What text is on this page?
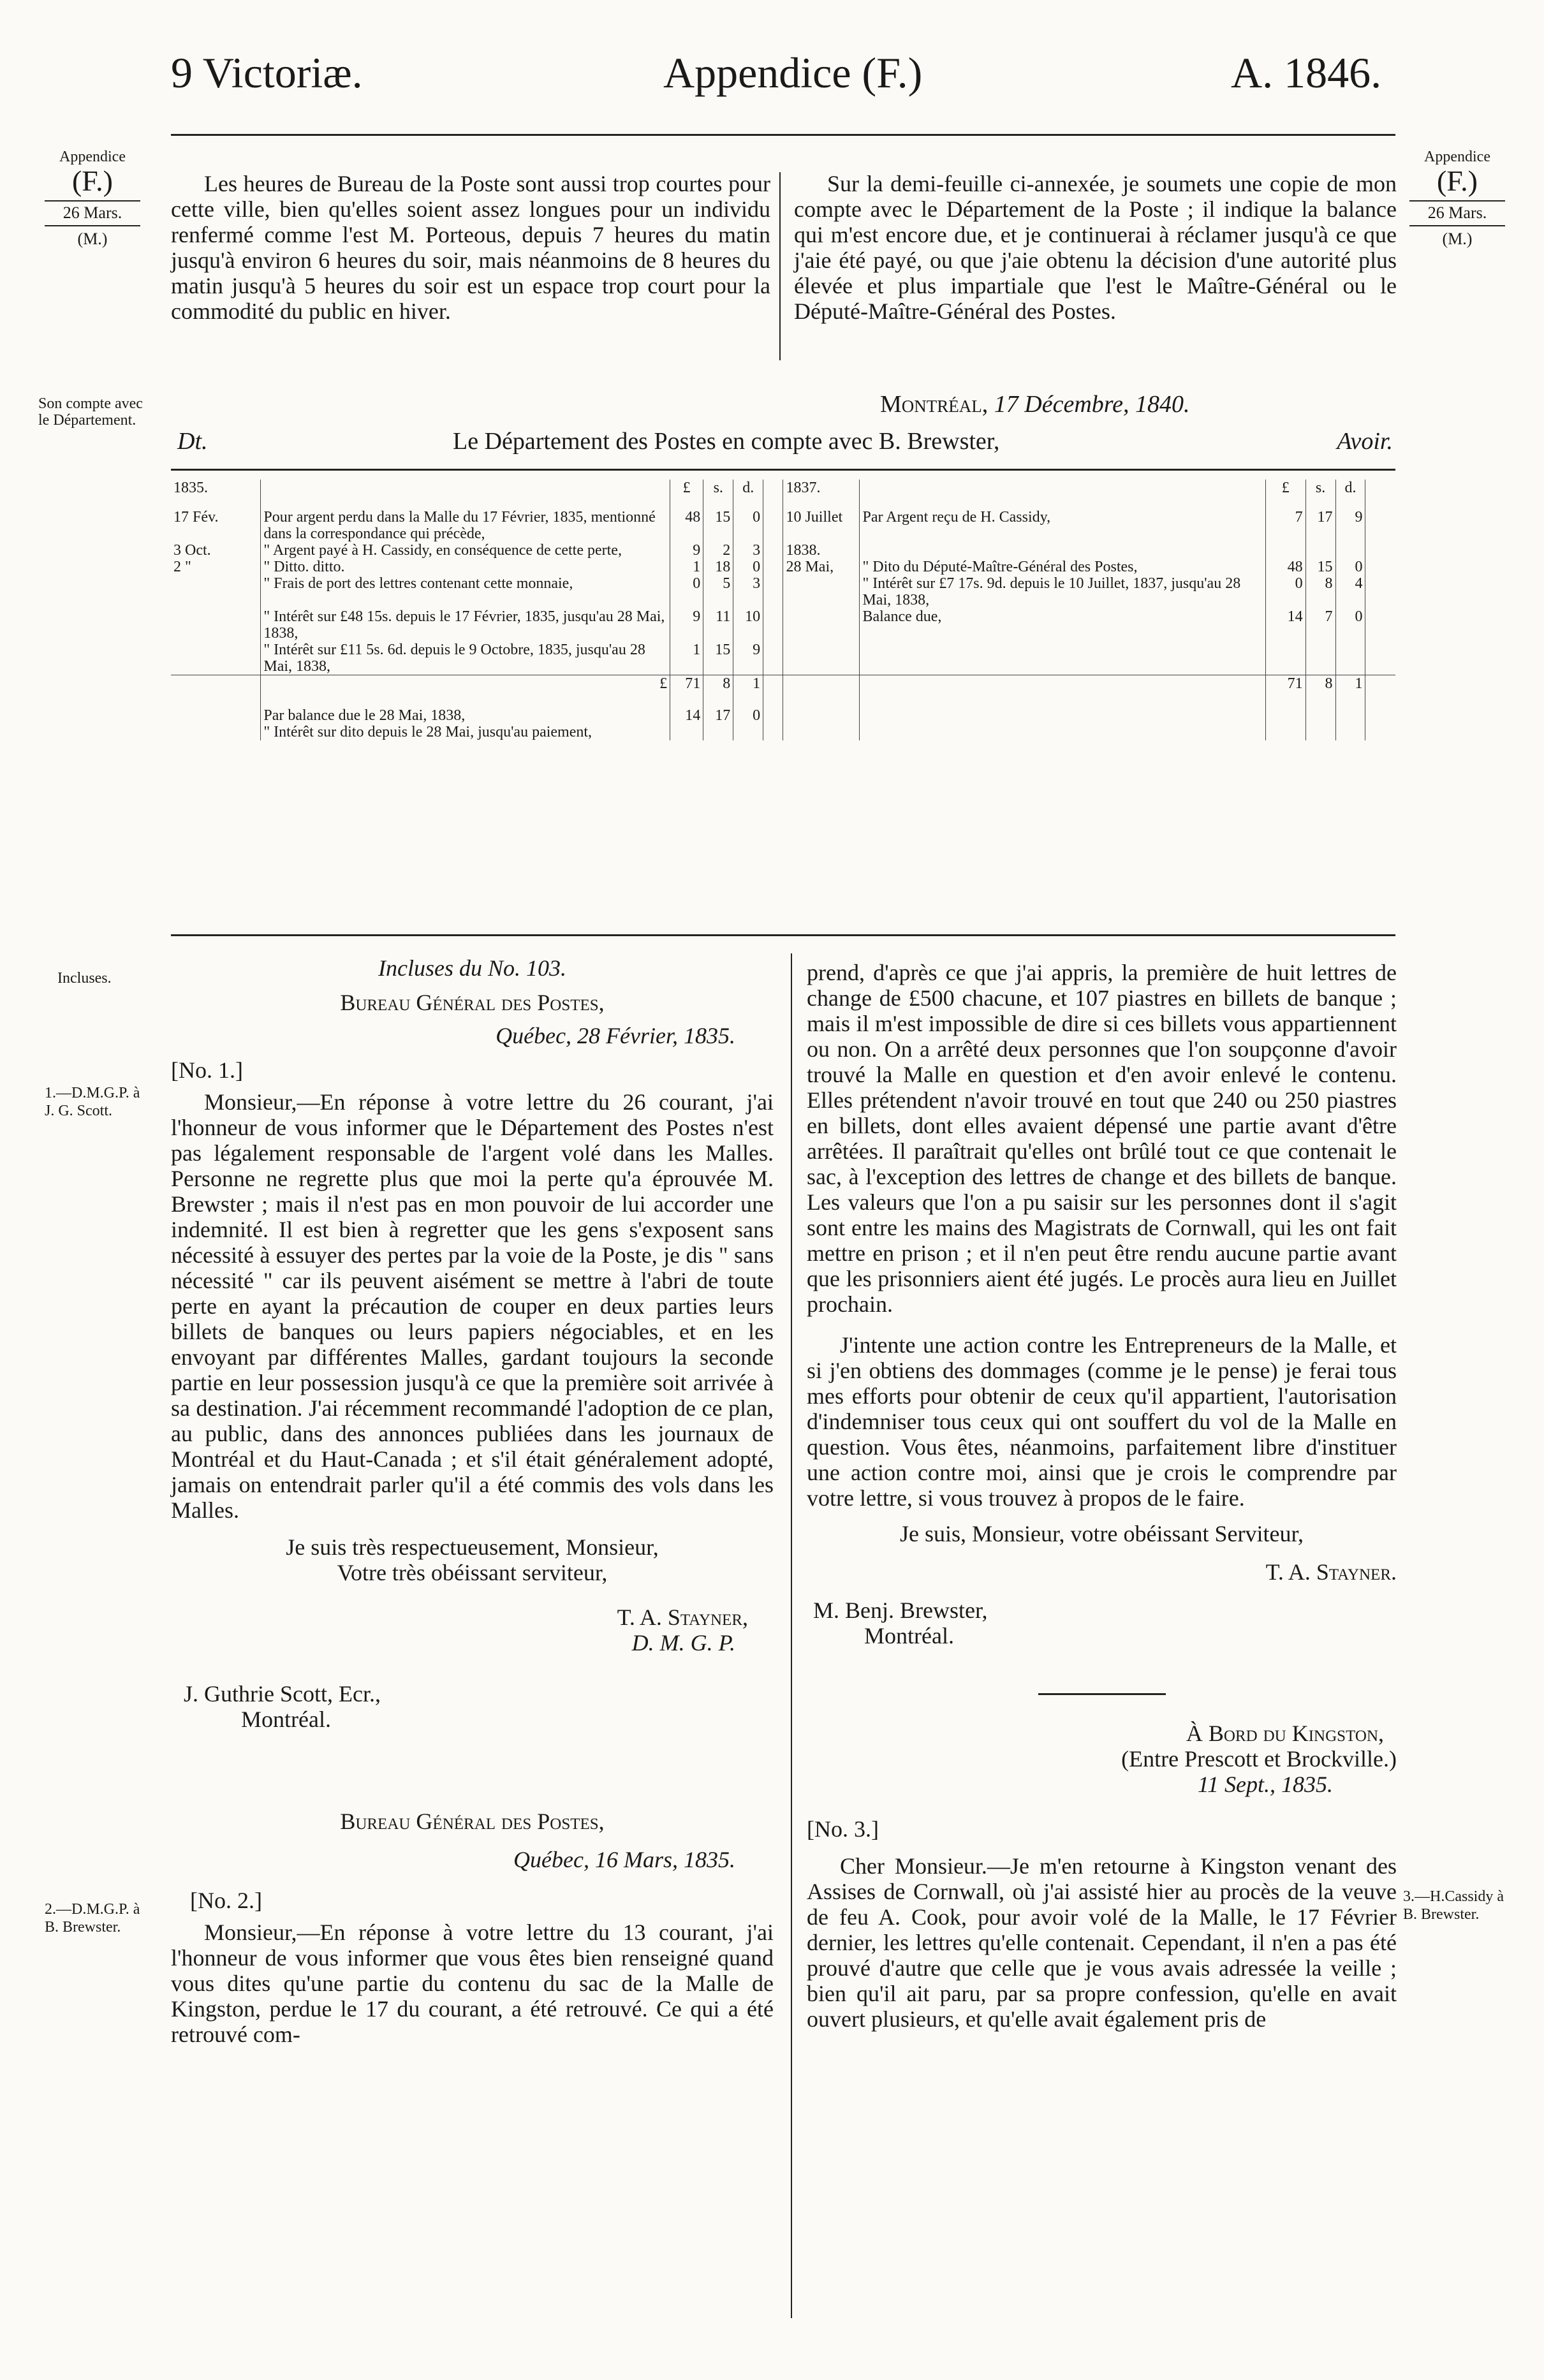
9 Victoriæ.	Appendice (F.)	A. 1846.
Appendice
(F.)
26 Mars.
(M.)
Appendice
(F.)
26 Mars.
(M.)

Les heures de Bureau de la Poste sont aussi trop courtes pour cette ville, bien qu'elles soient assez longues pour un individu renfermé comme l'est M. Porteous, depuis 7 heures du matin jusqu'à environ 6 heures du soir, mais néanmoins de 8 heures du matin jusqu'à 5 heures du soir est un espace trop court pour la commodité du public en hiver.

Sur la demi-feuille ci-annexée, je soumets une copie de mon compte avec le Département de la Poste ; il indique la balance qui m'est encore due, et je continuerai à réclamer jusqu'à ce que j'aie été payé, ou que j'aie obtenu la décision d'une autorité plus élevée et plus impartiale que l'est le Maître-Général ou le Député-Maître-Général des Postes.

Son compte avec le Département.
Montréal, 17 Décembre, 1840.
Dt.	Le Département des Postes en compte avec B. Brewster,	Avoir.
1835.		£	s.	d.		1837.		£	s.	d.	

17 Fév.	Pour argent perdu dans la Malle du 17 Février, 1835, mentionné dans la correspondance qui précède,	48	15	0		10 Juillet	Par Argent reçu de H. Cassidy,	7	17	9	
3 Oct.	" Argent payé à H. Cassidy, en conséquence de cette perte,	9	2	3		1838.					
2 "	" Ditto. ditto.	1	18	0		28 Mai,	" Dito du Député-Maître-Général des Postes,	48	15	0	
	" Frais de port des lettres contenant cette monnaie,	0	5	3			" Intérêt sur £7 17s. 9d. depuis le 10 Juillet, 1837, jusqu'au 28 Mai, 1838,	0	8	4	
	" Intérêt sur £48 15s. depuis le 17 Février, 1835, jusqu'au 28 Mai, 1838,	9	11	10			Balance due,	14	7	0	
	" Intérêt sur £11 5s. 6d. depuis le 9 Octobre, 1835, jusqu'au 28 Mai, 1838,	1	15	9							
	£	71	8	1				71	8	1	

	Par balance due le 28 Mai, 1838,	14	17	0							
	" Intérêt sur dito depuis le 28 Mai, jusqu'au paiement,										
Incluses.
1.—D.M.G.P. à J. G. Scott.
2.—D.M.G.P. à B. Brewster.
3.—H.Cassidy à B. Brewster.
Incluses du No. 103.
Bureau Général des Postes,
Québec, 28 Février, 1835.
[No. 1.]

Monsieur,—En réponse à votre lettre du 26 courant, j'ai l'honneur de vous informer que le Département des Postes n'est pas légalement responsable de l'argent volé dans les Malles. Personne ne regrette plus que moi la perte qu'a éprouvée M. Brewster ; mais il n'est pas en mon pouvoir de lui accorder une indemnité. Il est bien à regretter que les gens s'exposent sans nécessité à essuyer des pertes par la voie de la Poste, je dis " sans nécessité " car ils peuvent aisément se mettre à l'abri de toute perte en ayant la précaution de couper en deux parties leurs billets de banques ou leurs papiers négociables, et en les envoyant par différentes Malles, gardant toujours la seconde partie en leur possession jusqu'à ce que la première soit arrivée à sa destination. J'ai récemment recommandé l'adoption de ce plan, au public, dans des annonces publiées dans les journaux de Montréal et du Haut-Canada ; et s'il était généralement adopté, jamais on entendrait parler qu'il a été commis des vols dans les Malles.

Je suis très respectueusement, Monsieur,
Votre très obéissant serviteur,
T. A. Stayner,
D. M. G. P.
J. Guthrie Scott, Ecr.,
Montréal.
Bureau Général des Postes,
Québec, 16 Mars, 1835.
[No. 2.]

Monsieur,—En réponse à votre lettre du 13 courant, j'ai l'honneur de vous informer que vous êtes bien renseigné quand vous dites qu'une partie du contenu du sac de la Malle de Kingston, perdue le 17 du courant, a été retrouvé. Ce qui a été retrouvé com-

prend, d'après ce que j'ai appris, la première de huit lettres de change de £500 chacune, et 107 piastres en billets de banque ; mais il m'est impossible de dire si ces billets vous appartiennent ou non. On a arrêté deux personnes que l'on soupçonne d'avoir trouvé la Malle en question et d'en avoir enlevé le contenu. Elles prétendent n'avoir trouvé en tout que 240 ou 250 piastres en billets, dont elles avaient dépensé une partie avant d'être arrêtées. Il paraîtrait qu'elles ont brûlé tout ce que contenait le sac, à l'exception des lettres de change et des billets de banque. Les valeurs que l'on a pu saisir sur les personnes dont il s'agit sont entre les mains des Magistrats de Cornwall, qui les ont fait mettre en prison ; et il n'en peut être rendu aucune partie avant que les prisonniers aient été jugés. Le procès aura lieu en Juillet prochain.

J'intente une action contre les Entrepreneurs de la Malle, et si j'en obtiens des dommages (comme je le pense) je ferai tous mes efforts pour obtenir de ceux qu'il appartient, l'autorisation d'indemniser tous ceux qui ont souffert du vol de la Malle en question. Vous êtes, néanmoins, parfaitement libre d'instituer une action contre moi, ainsi que je crois le comprendre par votre lettre, si vous trouvez à propos de le faire.

Je suis, Monsieur, votre obéissant Serviteur,
T. A. Stayner.
M. Benj. Brewster,
Montréal.
À Bord du Kingston,
(Entre Prescott et Brockville.)
11 Sept., 1835.
[No. 3.]

Cher Monsieur.—Je m'en retourne à Kingston venant des Assises de Cornwall, où j'ai assisté hier au procès de la veuve de feu A. Cook, pour avoir volé de la Malle, le 17 Février dernier, les lettres qu'elle contenait. Cependant, il n'en a pas été prouvé d'autre que celle que je vous avais adressée la veille ; bien qu'il ait paru, par sa propre confession, qu'elle en avait ouvert plusieurs, et qu'elle avait également pris de
